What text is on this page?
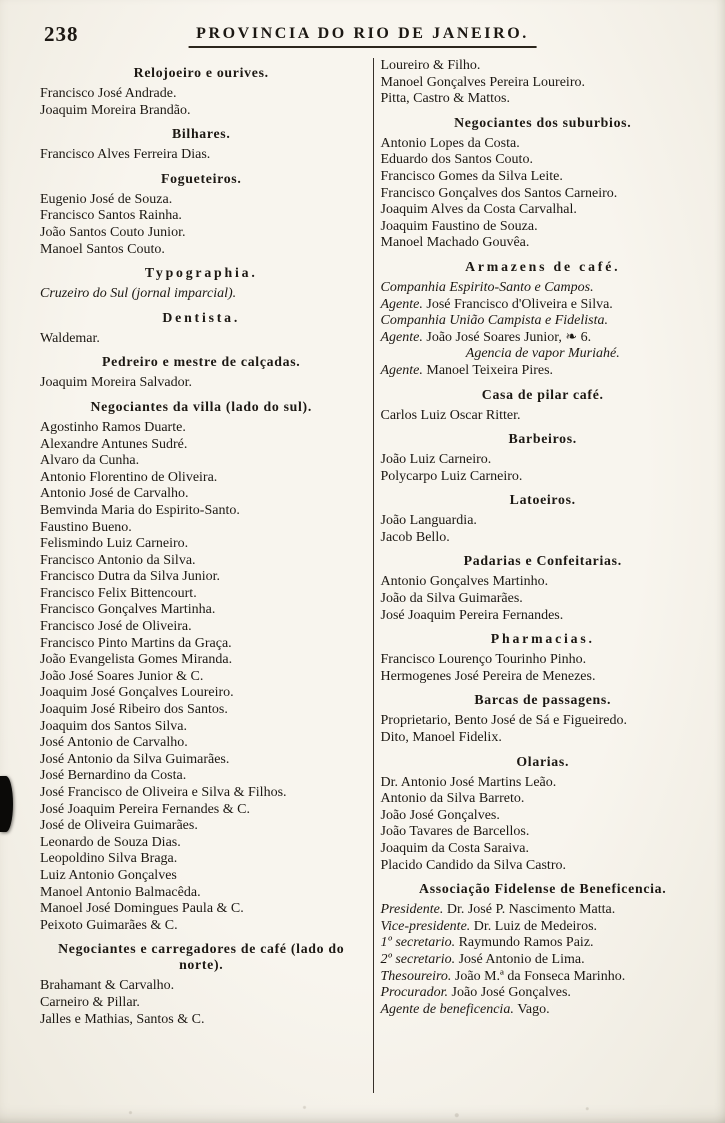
238	PROVINCIA DO RIO DE JANEIRO.
Relojoeiro e ourives.
Francisco José Andrade.
Joaquim Moreira Brandão.
Bilhares.
Francisco Alves Ferreira Dias.
Fogueteiros.
Eugenio José de Souza.
Francisco Santos Rainha.
João Santos Couto Junior.
Manoel Santos Couto.
Typographia.
Cruzeiro do Sul (jornal imparcial).
Dentista.
Waldemar.
Pedreiro e mestre de calçadas.
Joaquim Moreira Salvador.
Negociantes da villa (lado do sul).
Agostinho Ramos Duarte.
Alexandre Antunes Sudré.
Alvaro da Cunha.
Antonio Florentino de Oliveira.
Antonio José de Carvalho.
Bemvinda Maria do Espirito-Santo.
Faustino Bueno.
Felismindo Luiz Carneiro.
Francisco Antonio da Silva.
Francisco Dutra da Silva Junior.
Francisco Felix Bittencourt.
Francisco Gonçalves Martinha.
Francisco José de Oliveira.
Francisco Pinto Martins da Graça.
João Evangelista Gomes Miranda.
João José Soares Junior & C.
Joaquim José Gonçalves Loureiro.
Joaquim José Ribeiro dos Santos.
Joaquim dos Santos Silva.
José Antonio de Carvalho.
José Antonio da Silva Guimarães.
José Bernardino da Costa.
José Francisco de Oliveira e Silva & Filhos.
José Joaquim Pereira Fernandes & C.
José de Oliveira Guimarães.
Leonardo de Souza Dias.
Leopoldino Silva Braga.
Luiz Antonio Gonçalves
Manoel Antonio Balmacêda.
Manoel José Domingues Paula & C.
Peixoto Guimarães & C.
Negociantes e carregadores de café (lado do norte).
Brahamant & Carvalho.
Carneiro & Pillar.
Jalles e Mathias, Santos & C.
Loureiro & Filho.
Manoel Gonçalves Pereira Loureiro.
Pitta, Castro & Mattos.
Negociantes dos suburbios.
Antonio Lopes da Costa.
Eduardo dos Santos Couto.
Francisco Gomes da Silva Leite.
Francisco Gonçalves dos Santos Carneiro.
Joaquim Alves da Costa Carvalhal.
Joaquim Faustino de Souza.
Manoel Machado Gouvêa.
Armazens de café.
Companhia Espirito-Santo e Campos.
Agente. José Francisco d'Oliveira e Silva.
Companhia União Campista e Fidelista.
Agente. João José Soares Junior, ❧ 6.
Agencia de vapor Muriahé.
Agente. Manoel Teixeira Pires.
Casa de pilar café.
Carlos Luiz Oscar Ritter.
Barbeiros.
João Luiz Carneiro.
Polycarpo Luiz Carneiro.
Latoeiros.
João Languardia.
Jacob Bello.
Padarias e Confeitarias.
Antonio Gonçalves Martinho.
João da Silva Guimarães.
José Joaquim Pereira Fernandes.
Pharmacias.
Francisco Lourenço Tourinho Pinho.
Hermogenes José Pereira de Menezes.
Barcas de passagens.
Proprietario, Bento José de Sá e Figueiredo.
Dito, Manoel Fidelix.
Olarias.
Dr. Antonio José Martins Leão.
Antonio da Silva Barreto.
João José Gonçalves.
João Tavares de Barcellos.
Joaquim da Costa Saraiva.
Placido Candido da Silva Castro.
Associação Fidelense de Beneficencia.
Presidente. Dr. José P. Nascimento Matta.
Vice-presidente. Dr. Luiz de Medeiros.
1º secretario. Raymundo Ramos Paiz.
2º secretario. José Antonio de Lima.
Thesoureiro. João M.ª da Fonseca Marinho.
Procurador. João José Gonçalves.
Agente de beneficencia. Vago.
